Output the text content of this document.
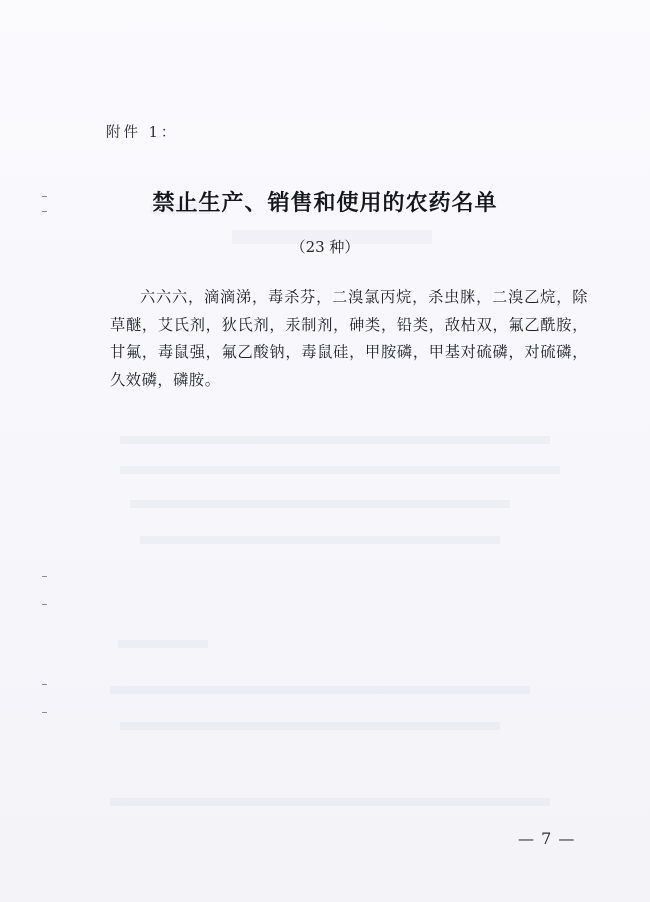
附件 1：
禁止生产、销售和使用的农药名单
（23 种）

六六六，滴滴涕，毒杀芬，二溴氯丙烷，杀虫脒，二溴乙烷，除草醚，艾氏剂，狄氏剂，汞制剂，砷类，铅类，敌枯双，氟乙酰胺，甘氟，毒鼠强，氟乙酸钠，毒鼠硅，甲胺磷，甲基对硫磷，对硫磷，久效磷，磷胺。

— 7 —
